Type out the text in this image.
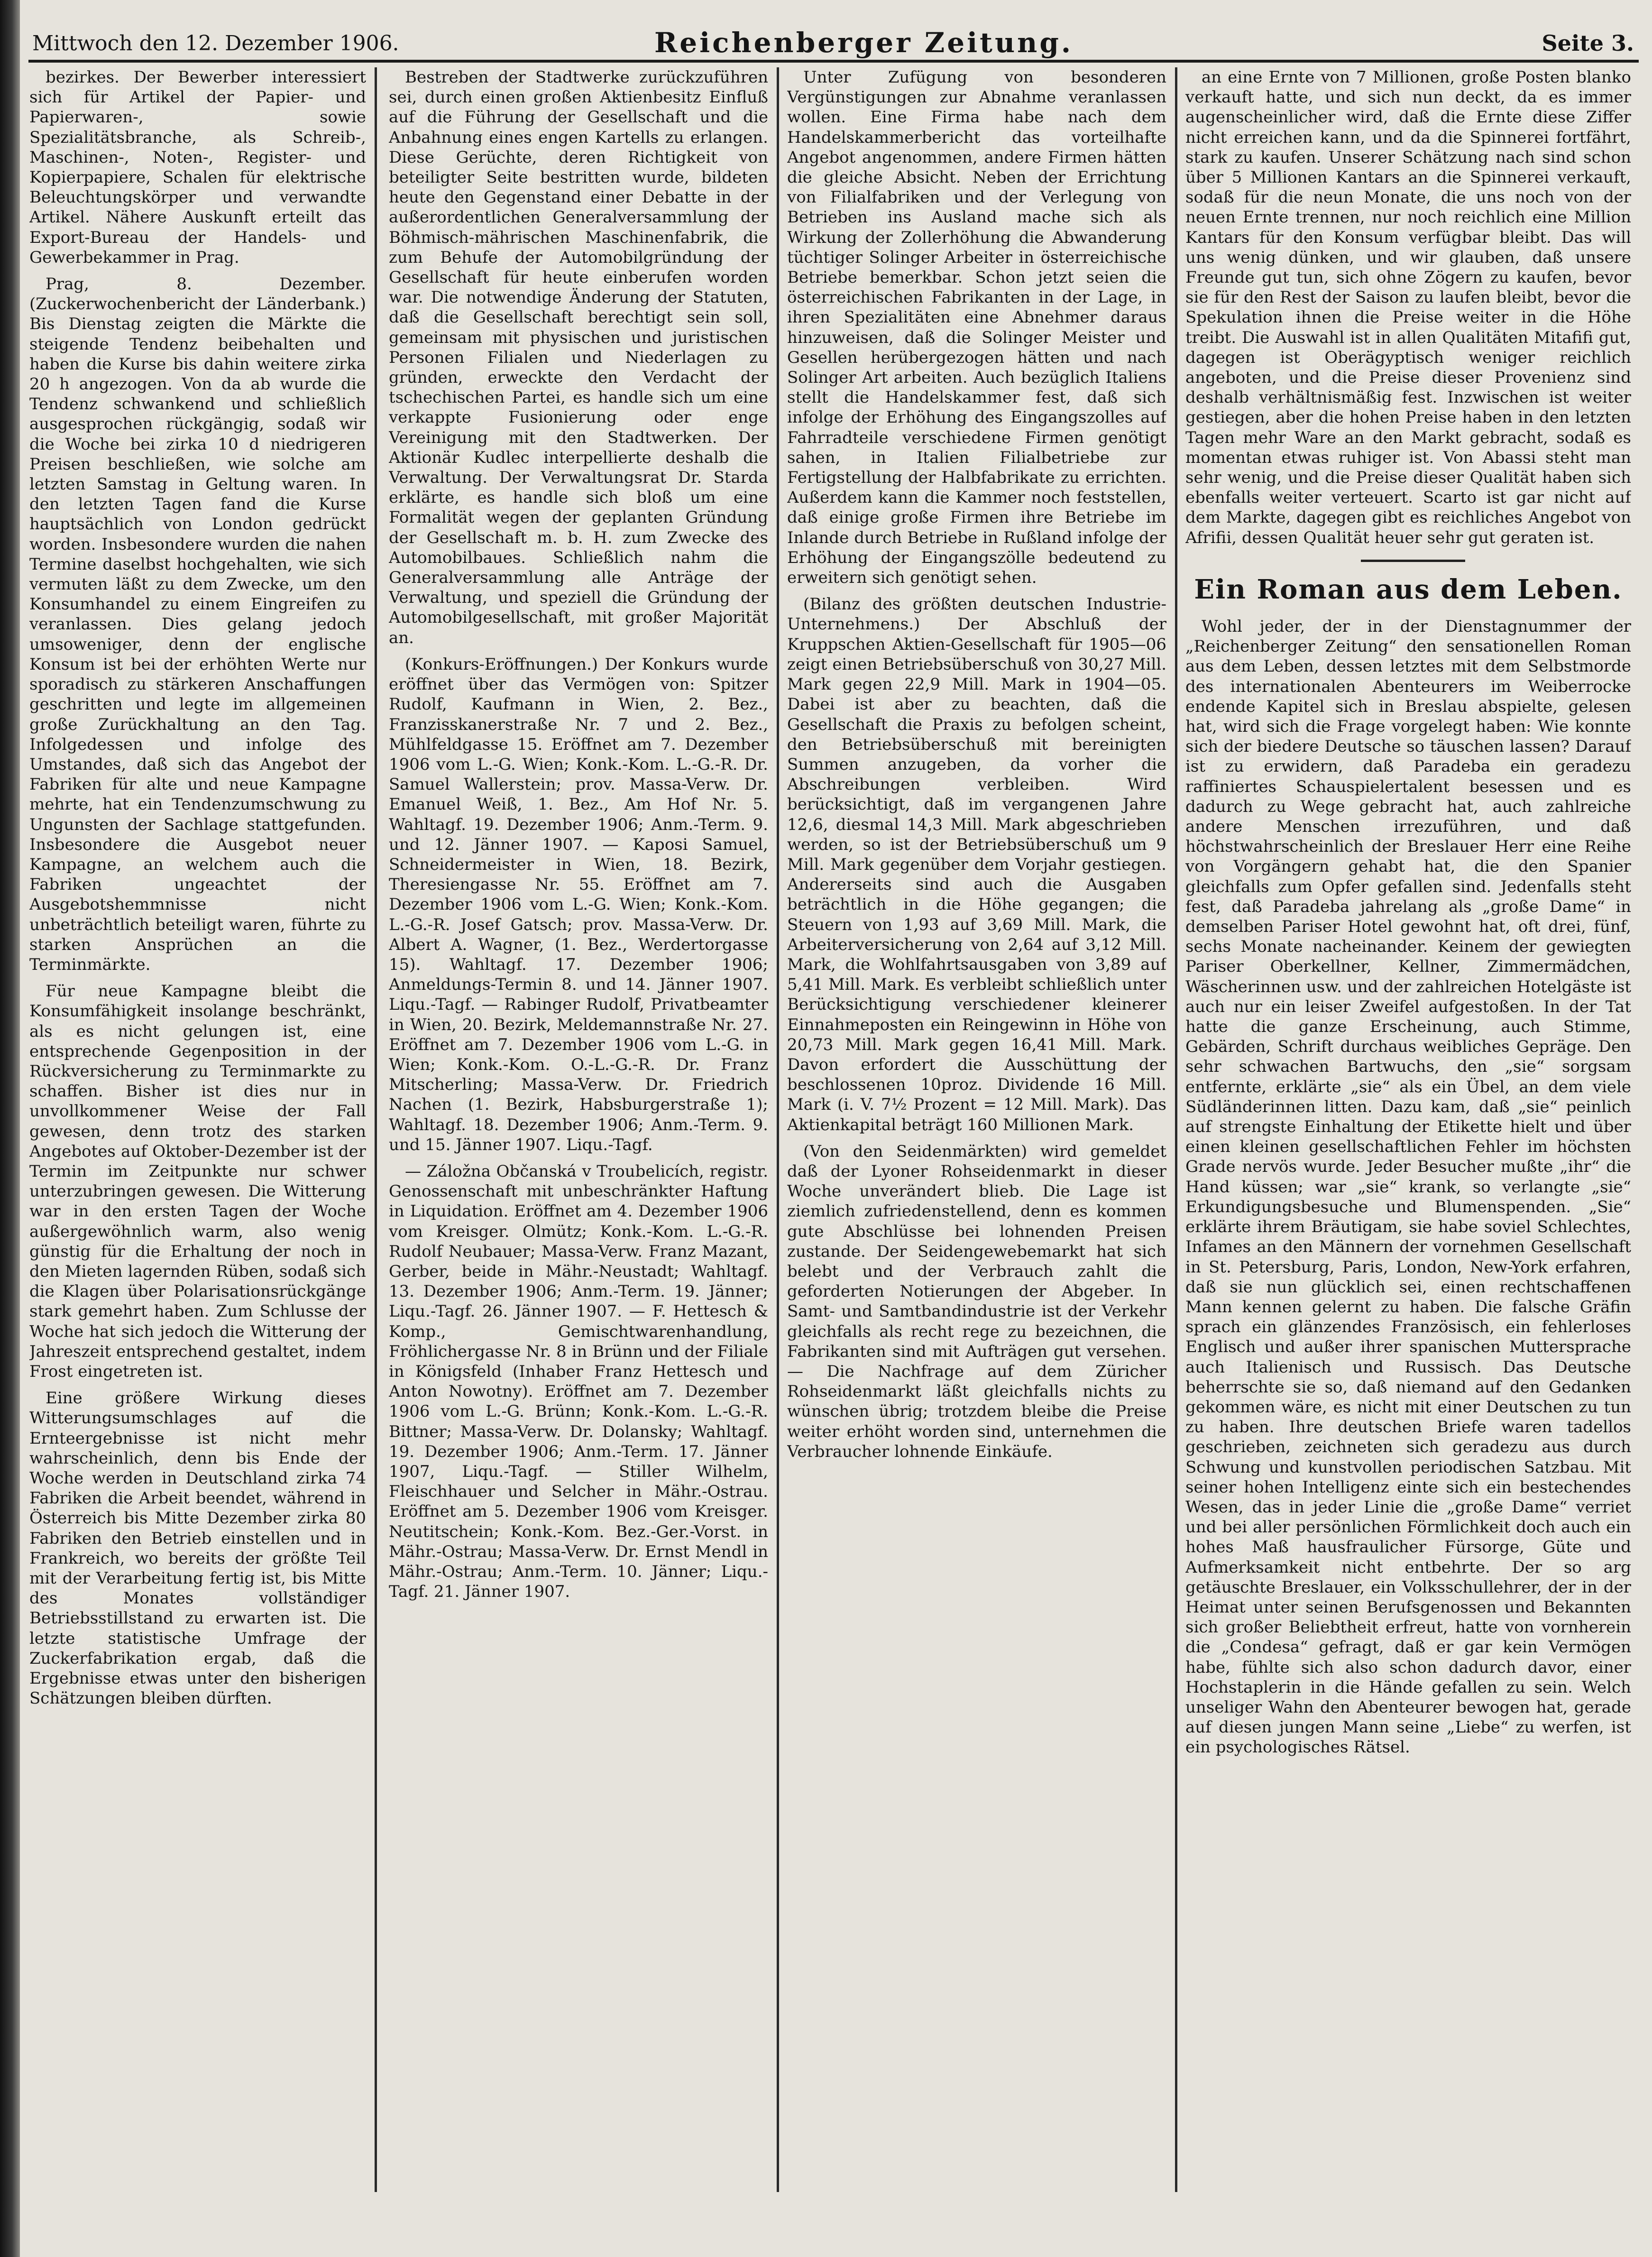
Mittwoch den 12. Dezember 1906.	Reichenberger Zeitung.	Seite 3.

bezirkes. Der Bewerber interessiert sich für Artikel der Papier- und Papierwaren-, sowie Spezialitätsbranche, als Schreib-, Maschinen-, Noten-, Register- und Kopierpapiere, Schalen für elektrische Beleuchtungskörper und verwandte Artikel. Nähere Auskunft erteilt das Export-Bureau der Handels- und Gewerbekammer in Prag.

Prag, 8. Dezember. (Zuckerwochenbericht der Länderbank.) Bis Dienstag zeigten die Märkte die steigende Tendenz beibehalten und haben die Kurse bis dahin weitere zirka 20 h angezogen. Von da ab wurde die Tendenz schwankend und schließlich ausgesprochen rückgängig, sodaß wir die Woche bei zirka 10 d niedrigeren Preisen beschließen, wie solche am letzten Samstag in Geltung waren. In den letzten Tagen fand die Kurse hauptsächlich von London gedrückt worden. Insbesondere wurden die nahen Termine daselbst hochgehalten, wie sich vermuten läßt zu dem Zwecke, um den Konsumhandel zu einem Eingreifen zu veranlassen. Dies gelang jedoch umsoweniger, denn der englische Konsum ist bei der erhöhten Werte nur sporadisch zu stärkeren Anschaffungen geschritten und legte im allgemeinen große Zurückhaltung an den Tag. Infolgedessen und infolge des Umstandes, daß sich das Angebot der Fabriken für alte und neue Kampagne mehrte, hat ein Tendenzumschwung zu Ungunsten der Sachlage stattgefunden. Insbesondere die Ausgebot neuer Kampagne, an welchem auch die Fabriken ungeachtet der Ausgebotshemmnisse nicht unbeträchtlich beteiligt waren, führte zu starken Ansprüchen an die Terminmärkte.

Für neue Kampagne bleibt die Konsumfähigkeit insolange beschränkt, als es nicht gelungen ist, eine entsprechende Gegenposition in der Rückversicherung zu Terminmarkte zu schaffen. Bisher ist dies nur in unvollkommener Weise der Fall gewesen, denn trotz des starken Angebotes auf Oktober-Dezember ist der Termin im Zeitpunkte nur schwer unterzubringen gewesen. Die Witterung war in den ersten Tagen der Woche außergewöhnlich warm, also wenig günstig für die Erhaltung der noch in den Mieten lagernden Rüben, sodaß sich die Klagen über Polarisationsrückgänge stark gemehrt haben. Zum Schlusse der Woche hat sich jedoch die Witterung der Jahreszeit entsprechend gestaltet, indem Frost eingetreten ist.

Eine größere Wirkung dieses Witterungsumschlages auf die Ernteergebnisse ist nicht mehr wahrscheinlich, denn bis Ende der Woche werden in Deutschland zirka 74 Fabriken die Arbeit beendet, während in Österreich bis Mitte Dezember zirka 80 Fabriken den Betrieb einstellen und in Frankreich, wo bereits der größte Teil mit der Verarbeitung fertig ist, bis Mitte des Monates vollständiger Betriebsstillstand zu erwarten ist. Die letzte statistische Umfrage der Zuckerfabrikation ergab, daß die Ergebnisse etwas unter den bisherigen Schätzungen bleiben dürften.

Bestreben der Stadtwerke zurückzuführen sei, durch einen großen Aktienbesitz Einfluß auf die Führung der Gesellschaft und die Anbahnung eines engen Kartells zu erlangen. Diese Gerüchte, deren Richtigkeit von beteiligter Seite bestritten wurde, bildeten heute den Gegenstand einer Debatte in der außerordentlichen Generalversammlung der Böhmisch-mährischen Maschinenfabrik, die zum Behufe der Automobilgründung der Gesellschaft für heute einberufen worden war. Die notwendige Änderung der Statuten, daß die Gesellschaft berechtigt sein soll, gemeinsam mit physischen und juristischen Personen Filialen und Niederlagen zu gründen, erweckte den Verdacht der tschechischen Partei, es handle sich um eine verkappte Fusionierung oder enge Vereinigung mit den Stadtwerken. Der Aktionär Kudlec interpellierte deshalb die Verwaltung. Der Verwaltungsrat Dr. Starda erklärte, es handle sich bloß um eine Formalität wegen der geplanten Gründung der Gesellschaft m. b. H. zum Zwecke des Automobilbaues. Schließlich nahm die Generalversammlung alle Anträge der Verwaltung, und speziell die Gründung der Automobilgesellschaft, mit großer Majorität an.

(Konkurs-Eröffnungen.) Der Konkurs wurde eröffnet über das Vermögen von: Spitzer Rudolf, Kaufmann in Wien, 2. Bez., Franzisskanerstraße Nr. 7 und 2. Bez., Mühlfeldgasse 15. Eröffnet am 7. Dezember 1906 vom L.-G. Wien; Konk.-Kom. L.-G.-R. Dr. Samuel Wallerstein; prov. Massa-Verw. Dr. Emanuel Weiß, 1. Bez., Am Hof Nr. 5. Wahltagf. 19. Dezember 1906; Anm.-Term. 9. und 12. Jänner 1907. — Kaposi Samuel, Schneidermeister in Wien, 18. Bezirk, Theresiengasse Nr. 55. Eröffnet am 7. Dezember 1906 vom L.-G. Wien; Konk.-Kom. L.-G.-R. Josef Gatsch; prov. Massa-Verw. Dr. Albert A. Wagner, (1. Bez., Werdertorgasse 15). Wahltagf. 17. Dezember 1906; Anmeldungs-Termin 8. und 14. Jänner 1907. Liqu.-Tagf. — Rabinger Rudolf, Privatbeamter in Wien, 20. Bezirk, Meldemannstraße Nr. 27. Eröffnet am 7. Dezember 1906 vom L.-G. in Wien; Konk.-Kom. O.-L.-G.-R. Dr. Franz Mitscherling; Massa-Verw. Dr. Friedrich Nachen (1. Bezirk, Habsburgerstraße 1); Wahltagf. 18. Dezember 1906; Anm.-Term. 9. und 15. Jänner 1907. Liqu.-Tagf.

— Záložna Občanská v Troubelicích, registr. Genossenschaft mit unbeschränkter Haftung in Liquidation. Eröffnet am 4. Dezember 1906 vom Kreisger. Olmütz; Konk.-Kom. L.-G.-R. Rudolf Neubauer; Massa-Verw. Franz Mazant, Gerber, beide in Mähr.-Neustadt; Wahltagf. 13. Dezember 1906; Anm.-Term. 19. Jänner; Liqu.-Tagf. 26. Jänner 1907. — F. Hettesch & Komp., Gemischtwarenhandlung, Fröhlichergasse Nr. 8 in Brünn und der Filiale in Königsfeld (Inhaber Franz Hettesch und Anton Nowotny). Eröffnet am 7. Dezember 1906 vom L.-G. Brünn; Konk.-Kom. L.-G.-R. Bittner; Massa-Verw. Dr. Dolansky; Wahltagf. 19. Dezember 1906; Anm.-Term. 17. Jänner 1907, Liqu.-Tagf. — Stiller Wilhelm, Fleischhauer und Selcher in Mähr.-Ostrau. Eröffnet am 5. Dezember 1906 vom Kreisger. Neutitschein; Konk.-Kom. Bez.-Ger.-Vorst. in Mähr.-Ostrau; Massa-Verw. Dr. Ernst Mendl in Mähr.-Ostrau; Anm.-Term. 10. Jänner; Liqu.-Tagf. 21. Jänner 1907.

Unter Zufügung von besonderen Vergünstigungen zur Abnahme veranlassen wollen. Eine Firma habe nach dem Handelskammerbericht das vorteilhafte Angebot angenommen, andere Firmen hätten die gleiche Absicht. Neben der Errichtung von Filialfabriken und der Verlegung von Betrieben ins Ausland mache sich als Wirkung der Zollerhöhung die Abwanderung tüchtiger Solinger Arbeiter in österreichische Betriebe bemerkbar. Schon jetzt seien die österreichischen Fabrikanten in der Lage, in ihren Spezialitäten eine Abnehmer daraus hinzuweisen, daß die Solinger Meister und Gesellen herübergezogen hätten und nach Solinger Art arbeiten. Auch bezüglich Italiens stellt die Handelskammer fest, daß sich infolge der Erhöhung des Eingangszolles auf Fahrradteile verschiedene Firmen genötigt sahen, in Italien Filialbetriebe zur Fertigstellung der Halbfabrikate zu errichten. Außerdem kann die Kammer noch feststellen, daß einige große Firmen ihre Betriebe im Inlande durch Betriebe in Rußland infolge der Erhöhung der Eingangszölle bedeutend zu erweitern sich genötigt sehen.

(Bilanz des größten deutschen Industrie-Unternehmens.) Der Abschluß der Kruppschen Aktien-Gesellschaft für 1905—06 zeigt einen Betriebsüberschuß von 30,27 Mill. Mark gegen 22,9 Mill. Mark in 1904—05. Dabei ist aber zu beachten, daß die Gesellschaft die Praxis zu befolgen scheint, den Betriebsüberschuß mit bereinigten Summen anzugeben, da vorher die Abschreibungen verbleiben. Wird berücksichtigt, daß im vergangenen Jahre 12,6, diesmal 14,3 Mill. Mark abgeschrieben werden, so ist der Betriebsüberschuß um 9 Mill. Mark gegenüber dem Vorjahr gestiegen. Andererseits sind auch die Ausgaben beträchtlich in die Höhe gegangen; die Steuern von 1,93 auf 3,69 Mill. Mark, die Arbeiterversicherung von 2,64 auf 3,12 Mill. Mark, die Wohlfahrtsausgaben von 3,89 auf 5,41 Mill. Mark. Es verbleibt schließlich unter Berücksichtigung verschiedener kleinerer Einnahmeposten ein Reingewinn in Höhe von 20,73 Mill. Mark gegen 16,41 Mill. Mark. Davon erfordert die Ausschüttung der beschlossenen 10proz. Dividende 16 Mill. Mark (i. V. 7½ Prozent = 12 Mill. Mark). Das Aktienkapital beträgt 160 Millionen Mark.

(Von den Seidenmärkten) wird gemeldet daß der Lyoner Rohseidenmarkt in dieser Woche unverändert blieb. Die Lage ist ziemlich zufriedenstellend, denn es kommen gute Abschlüsse bei lohnenden Preisen zustande. Der Seidengewebemarkt hat sich belebt und der Verbrauch zahlt die geforderten Notierungen der Abgeber. In Samt- und Samtbandindustrie ist der Verkehr gleichfalls als recht rege zu bezeichnen, die Fabrikanten sind mit Aufträgen gut versehen. — Die Nachfrage auf dem Züricher Rohseidenmarkt läßt gleichfalls nichts zu wünschen übrig; trotzdem bleibe die Preise weiter erhöht worden sind, unternehmen die Verbraucher lohnende Einkäufe.

an eine Ernte von 7 Millionen, große Posten blanko verkauft hatte, und sich nun deckt, da es immer augenscheinlicher wird, daß die Ernte diese Ziffer nicht erreichen kann, und da die Spinnerei fortfährt, stark zu kaufen. Unserer Schätzung nach sind schon über 5 Millionen Kantars an die Spinnerei verkauft, sodaß für die neun Monate, die uns noch von der neuen Ernte trennen, nur noch reichlich eine Million Kantars für den Konsum verfügbar bleibt. Das will uns wenig dünken, und wir glauben, daß unsere Freunde gut tun, sich ohne Zögern zu kaufen, bevor sie für den Rest der Saison zu laufen bleibt, bevor die Spekulation ihnen die Preise weiter in die Höhe treibt. Die Auswahl ist in allen Qualitäten Mitafifi gut, dagegen ist Oberägyptisch weniger reichlich angeboten, und die Preise dieser Provenienz sind deshalb verhältnismäßig fest. Inzwischen ist weiter gestiegen, aber die hohen Preise haben in den letzten Tagen mehr Ware an den Markt gebracht, sodaß es momentan etwas ruhiger ist. Von Abassi steht man sehr wenig, und die Preise dieser Qualität haben sich ebenfalls weiter verteuert. Scarto ist gar nicht auf dem Markte, dagegen gibt es reichliches Angebot von Afrifii, dessen Qualität heuer sehr gut geraten ist.

Ein Roman aus dem Leben.

Wohl jeder, der in der Dienstagnummer der „Reichenberger Zeitung“ den sensationellen Roman aus dem Leben, dessen letztes mit dem Selbstmorde des internationalen Abenteurers im Weiberrocke endende Kapitel sich in Breslau abspielte, gelesen hat, wird sich die Frage vorgelegt haben: Wie konnte sich der biedere Deutsche so täuschen lassen? Darauf ist zu erwidern, daß Paradeba ein geradezu raffiniertes Schauspielertalent besessen und es dadurch zu Wege gebracht hat, auch zahlreiche andere Menschen irrezuführen, und daß höchstwahrscheinlich der Breslauer Herr eine Reihe von Vorgängern gehabt hat, die den Spanier gleichfalls zum Opfer gefallen sind. Jedenfalls steht fest, daß Paradeba jahrelang als „große Dame“ in demselben Pariser Hotel gewohnt hat, oft drei, fünf, sechs Monate nacheinander. Keinem der gewiegten Pariser Oberkellner, Kellner, Zimmermädchen, Wäscherinnen usw. und der zahlreichen Hotelgäste ist auch nur ein leiser Zweifel aufgestoßen. In der Tat hatte die ganze Erscheinung, auch Stimme, Gebärden, Schrift durchaus weibliches Gepräge. Den sehr schwachen Bartwuchs, den „sie“ sorgsam entfernte, erklärte „sie“ als ein Übel, an dem viele Südländerinnen litten. Dazu kam, daß „sie“ peinlich auf strengste Einhaltung der Etikette hielt und über einen kleinen gesellschaftlichen Fehler im höchsten Grade nervös wurde. Jeder Besucher mußte „ihr“ die Hand küssen; war „sie“ krank, so verlangte „sie“ Erkundigungsbesuche und Blumenspenden. „Sie“ erklärte ihrem Bräutigam, sie habe soviel Schlechtes, Infames an den Männern der vornehmen Gesellschaft in St. Petersburg, Paris, London, New-York erfahren, daß sie nun glücklich sei, einen rechtschaffenen Mann kennen gelernt zu haben. Die falsche Gräfin sprach ein glänzendes Französisch, ein fehlerloses Englisch und außer ihrer spanischen Muttersprache auch Italienisch und Russisch. Das Deutsche beherrschte sie so, daß niemand auf den Gedanken gekommen wäre, es nicht mit einer Deutschen zu tun zu haben. Ihre deutschen Briefe waren tadellos geschrieben, zeichneten sich geradezu aus durch Schwung und kunstvollen periodischen Satzbau. Mit seiner hohen Intelligenz einte sich ein bestechendes Wesen, das in jeder Linie die „große Dame“ verriet und bei aller persönlichen Förmlichkeit doch auch ein hohes Maß hausfraulicher Fürsorge, Güte und Aufmerksamkeit nicht entbehrte. Der so arg getäuschte Breslauer, ein Volksschullehrer, der in der Heimat unter seinen Berufsgenossen und Bekannten sich großer Beliebtheit erfreut, hatte von vornherein die „Condesa“ gefragt, daß er gar kein Vermögen habe, fühlte sich also schon dadurch davor, einer Hochstaplerin in die Hände gefallen zu sein. Welch unseliger Wahn den Abenteurer bewogen hat, gerade auf diesen jungen Mann seine „Liebe“ zu werfen, ist ein psychologisches Rätsel.
